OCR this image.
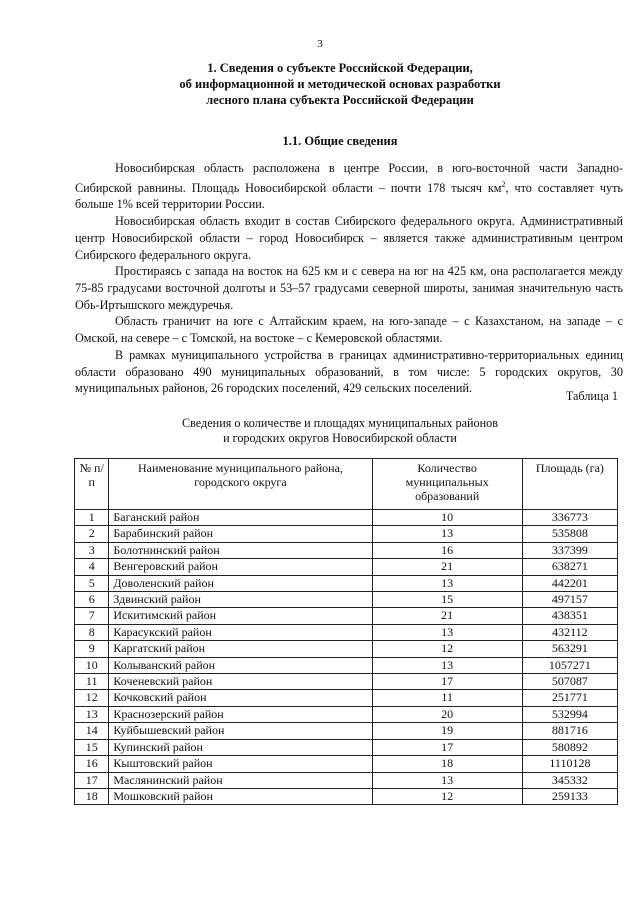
3
1. Сведения о субъекте Российской Федерации,
об информационной и методической основах разработки
лесного плана субъекта Российской Федерации
1.1. Общие сведения

Новосибирская область расположена в центре России, в юго-восточной части Западно-Сибирской равнины. Площадь Новосибирской области – почти 178 тысяч $км^2$, что составляет чуть больше 1% всей территории России.

Новосибирская область входит в состав Сибирского федерального округа. Административный центр Новосибирской области – город Новосибирск – является также административным центром Сибирского федерального округа.

Простираясь с запада на восток на 625 км и с севера на юг на 425 км, она располагается между 75-85 градусами восточной долготы и 53–57 градусами северной широты, занимая значительную часть Обь-Иртышского междуречья.

Область граничит на юге с Алтайским краем, на юго-западе – с Казахстаном, на западе – с Омской, на севере – с Томской, на востоке – с Кемеровской областями.

В рамках муниципального устройства в границах административно-территориальных единиц области образовано 490 муниципальных образований, в том числе: 5 городских округов, 30 муниципальных районов, 26 городских поселений, 429 сельских поселений.

Таблица 1
Сведения о количестве и площадях муниципальных районов
и городских округов Новосибирской области
№ п/п	Наименование муниципального района, городского округа	Количество муниципальных образований	Площадь (га)
1	Баганский район	10	336773
2	Барабинский район	13	535808
3	Болотнинский район	16	337399
4	Венгеровский район	21	638271
5	Доволенский район	13	442201
6	Здвинский район	15	497157
7	Искитимский район	21	438351
8	Карасукский район	13	432112
9	Каргатский район	12	563291
10	Колыванский район	13	1057271
11	Коченевский район	17	507087
12	Кочковский район	11	251771
13	Краснозерский район	20	532994
14	Куйбышевский район	19	881716
15	Купинский район	17	580892
16	Кыштовский район	18	1110128
17	Маслянинский район	13	345332
18	Мошковский район	12	259133
